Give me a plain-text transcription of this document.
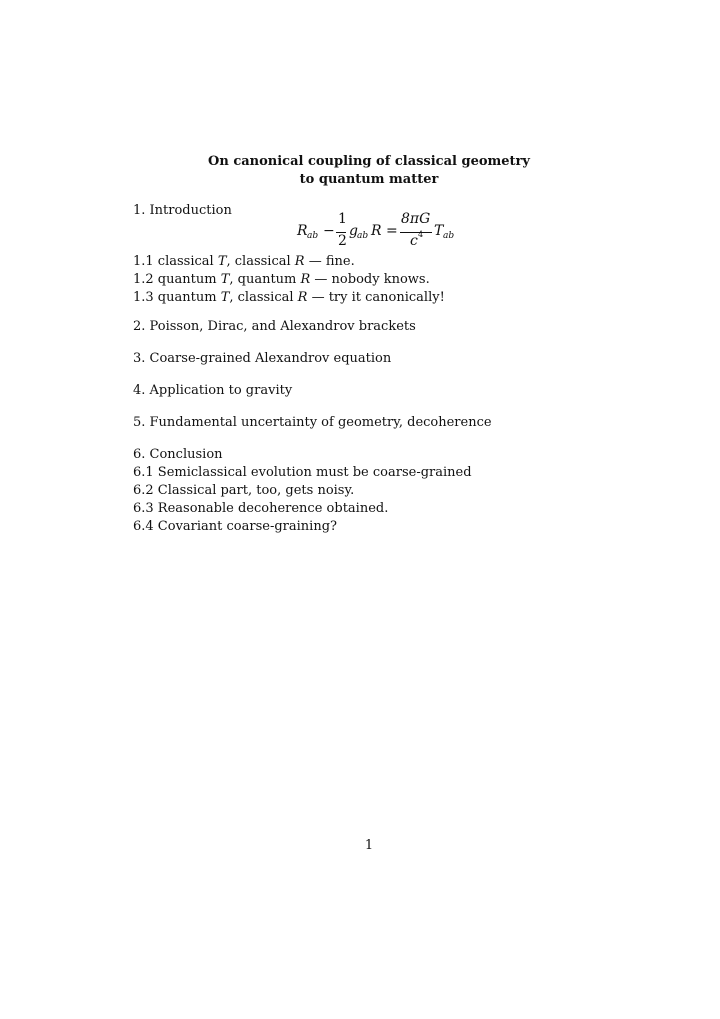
On canonical coupling of classical geometry
to quantum matter
1. Introduction
R ab −
1
2
g ab R =
8πG
c 4 T ab
1.1 classical T, classical R — fine.
1.2 quantum T, quantum R — nobody knows.
1.3 quantum T, classical R — try it canonically!
2. Poisson, Dirac, and Alexandrov brackets
3. Coarse-grained Alexandrov equation
4. Application to gravity
5. Fundamental uncertainty of geometry, decoherence
6. Conclusion
6.1 Semiclassical evolution must be coarse-grained
6.2 Classical part, too, gets noisy.
6.3 Reasonable decoherence obtained.
6.4 Covariant coarse-graining?
1
